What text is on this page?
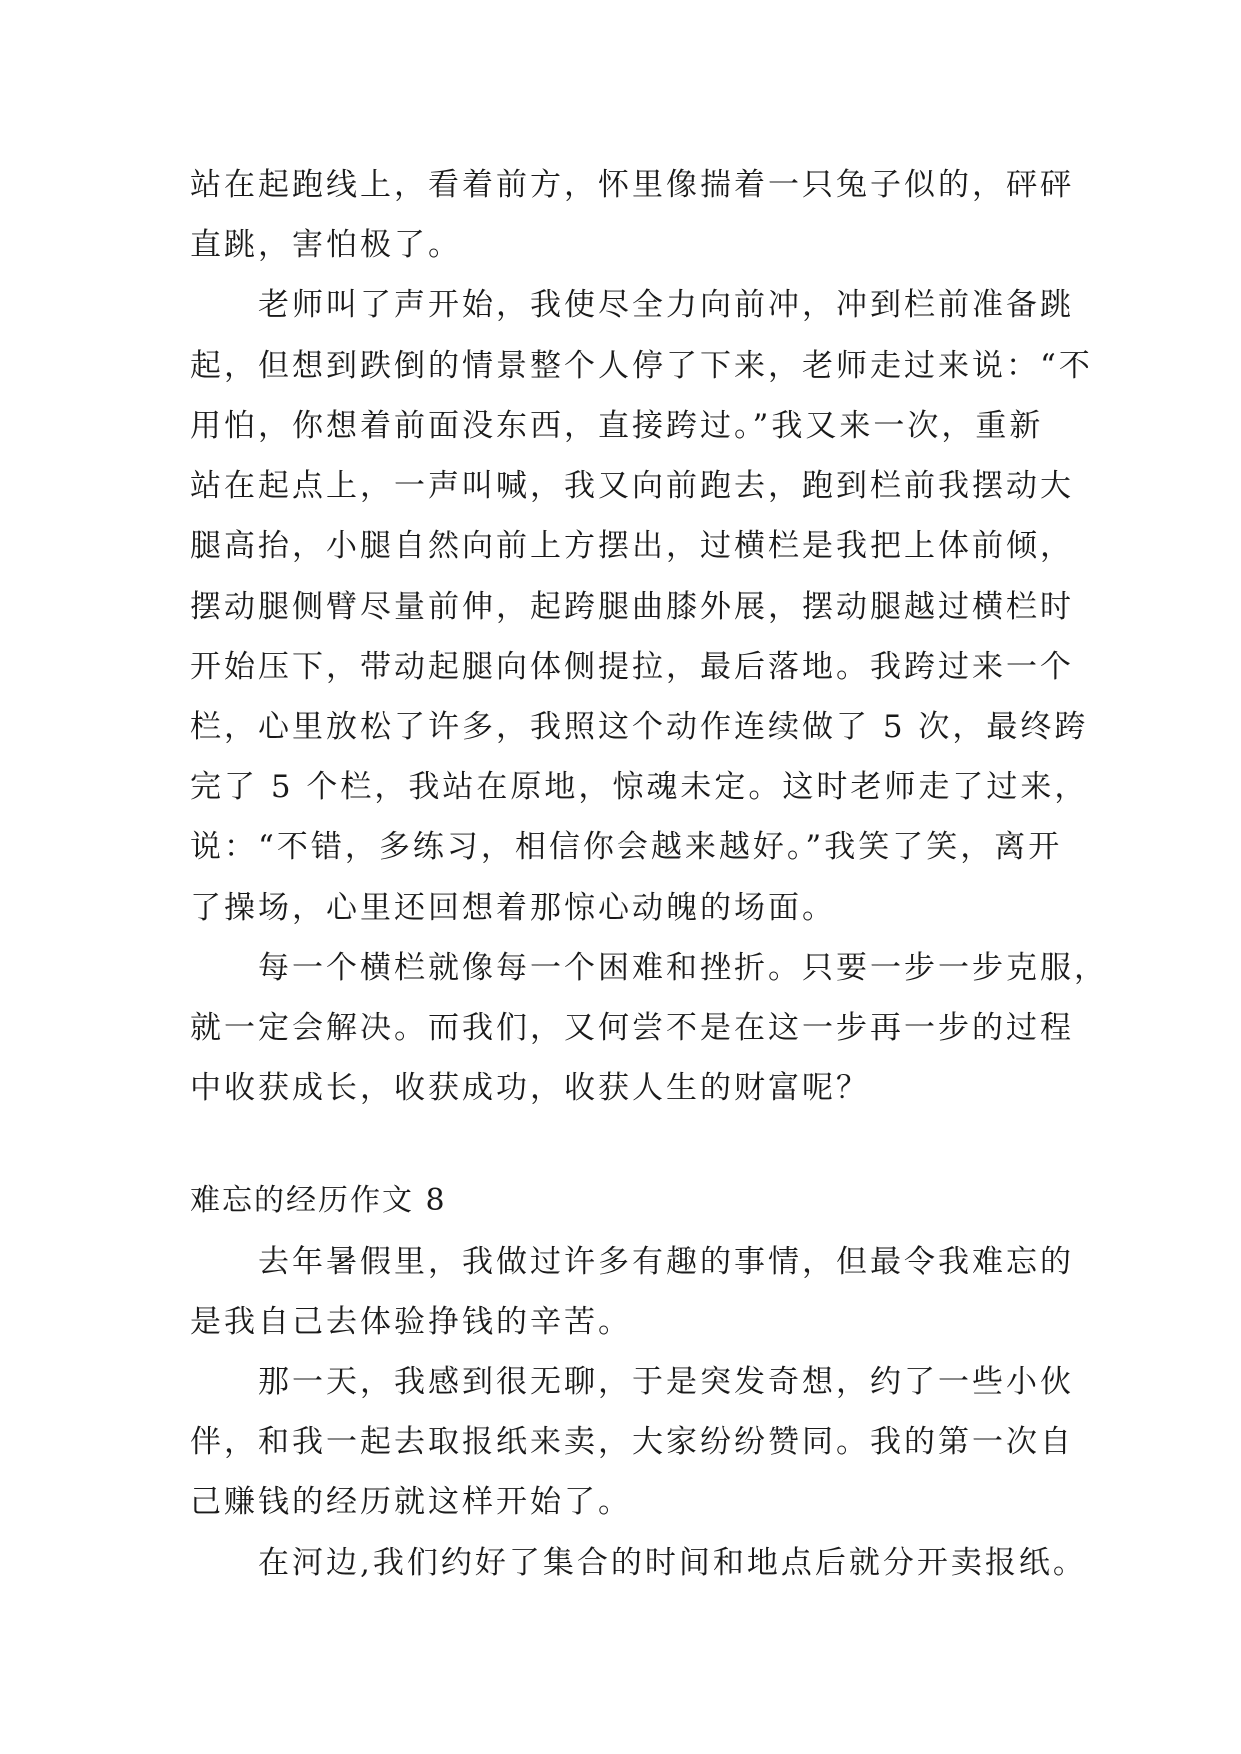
站在起跑线上，看着前方，怀里像揣着一只兔子似的，砰砰
直跳，害怕极了。
老师叫了声开始，我使尽全力向前冲，冲到栏前准备跳
起，但想到跌倒的情景整个人停了下来，老师走过来说：“不
用怕，你想着前面没东西，直接跨过。”我又来一次，重新
站在起点上，一声叫喊，我又向前跑去，跑到栏前我摆动大
腿高抬，小腿自然向前上方摆出，过横栏是我把上体前倾，
摆动腿侧臂尽量前伸，起跨腿曲膝外展，摆动腿越过横栏时
开始压下，带动起腿向体侧提拉，最后落地。我跨过来一个
栏，心里放松了许多，我照这个动作连续做了 5 次，最终跨
完了 5 个栏，我站在原地，惊魂未定。这时老师走了过来，
说：“不错，多练习，相信你会越来越好。”我笑了笑，离开
了操场，心里还回想着那惊心动魄的场面。
每一个横栏就像每一个困难和挫折。只要一步一步克服，
就一定会解决。而我们，又何尝不是在这一步再一步的过程
中收获成长，收获成功，收获人生的财富呢？
难忘的经历作文 8
去年暑假里，我做过许多有趣的事情，但最令我难忘的
是我自己去体验挣钱的辛苦。
那一天，我感到很无聊，于是突发奇想，约了一些小伙
伴，和我一起去取报纸来卖，大家纷纷赞同。我的第一次自
己赚钱的经历就这样开始了。
在河边,我们约好了集合的时间和地点后就分开卖报纸。
